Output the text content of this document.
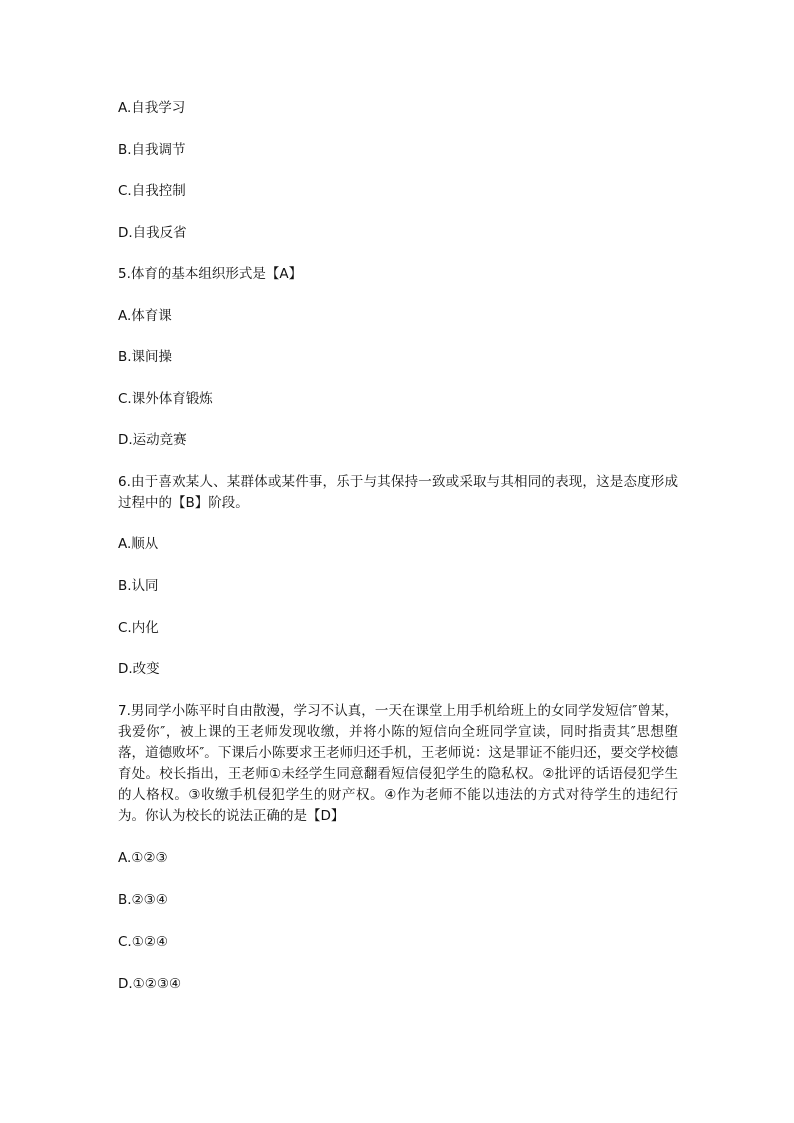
A.自我学习
B.自我调节
C.自我控制
D.自我反省
5.体育的基本组织形式是【A】
A.体育课
B.课间操
C.课外体育锻炼
D.运动竞赛
6.由于喜欢某人、某群体或某件事，乐于与其保持一致或采取与其相同的表现，这是态度形成过程中的【B】阶段。
A.顺从
B.认同
C.内化
D.改变
7.男同学小陈平时自由散漫，学习不认真，一天在课堂上用手机给班上的女同学发短信″曾某，我爱你″，被上课的王老师发现收缴，并将小陈的短信向全班同学宣读，同时指责其″思想堕落，道德败坏″。下课后小陈要求王老师归还手机，王老师说：这是罪证不能归还，要交学校德育处。校长指出，王老师①未经学生同意翻看短信侵犯学生的隐私权。②批评的话语侵犯学生的人格权。③收缴手机侵犯学生的财产权。④作为老师不能以违法的方式对待学生的违纪行为。你认为校长的说法正确的是【D】
A.①②③
B.②③④
C.①②④
D.①②③④
